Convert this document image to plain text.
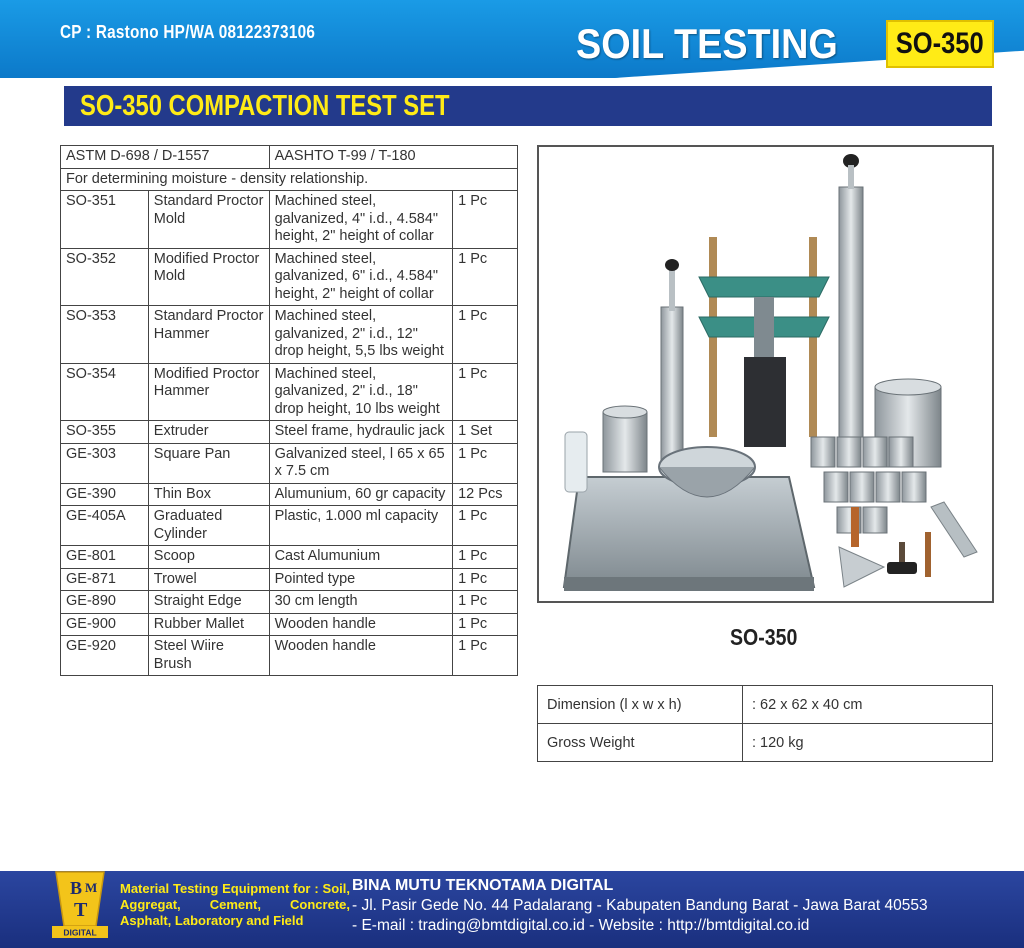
CP : Rastono HP/WA 08122373106	SOIL TESTING	SO-350
SO-350 COMPACTION TEST SET
ASTM D-698 / D-1557		AASHTO T-99 / T-180	
For determining moisture - density relationship.			
SO-351	Standard Proctor Mold	Machined steel, galvanized, 4" i.d., 4.584" height, 2" height of collar	1 Pc
SO-352	Modified Proctor Mold	Machined steel, galvanized, 6" i.d., 4.584" height, 2" height of collar	1 Pc
SO-353	Standard Proctor Hammer	Machined steel, galvanized, 2" i.d., 12" drop height, 5,5 lbs weight	1 Pc
SO-354	Modified Proctor Hammer	Machined steel, galvanized, 2" i.d., 18" drop height, 10 lbs weight	1 Pc
SO-355	Extruder	Steel frame, hydraulic jack	1 Set
GE-303	Square Pan	Galvanized steel, l 65 x 65 x 7.5 cm	1 Pc
GE-390	Thin Box	Alumunium, 60 gr capacity	12 Pcs
GE-405A	Graduated Cylinder	Plastic, 1.000 ml capacity	1 Pc
GE-801	Scoop	Cast Alumunium	1 Pc
GE-871	Trowel	Pointed type	1 Pc
GE-890	Straight Edge	30 cm length	1 Pc
GE-900	Rubber Mallet	Wooden handle	1 Pc
GE-920	Steel Wiire Brush	Wooden handle	1 Pc	SO-350
Dimension (l x w x h)	: 62 x 62 x 40 cm
Gross Weight	: 120 kg
B M
T
DIGITAL
Material Testing Equipment for : Soil, Aggregat, Cement, Concrete, Asphalt, Laboratory and Field
BINA MUTU TEKNOTAMA DIGITAL
- Jl. Pasir Gede No. 44 Padalarang - Kabupaten Bandung Barat - Jawa Barat 40553
- E-mail : trading@bmtdigital.co.id - Website : http://bmtdigital.co.id
